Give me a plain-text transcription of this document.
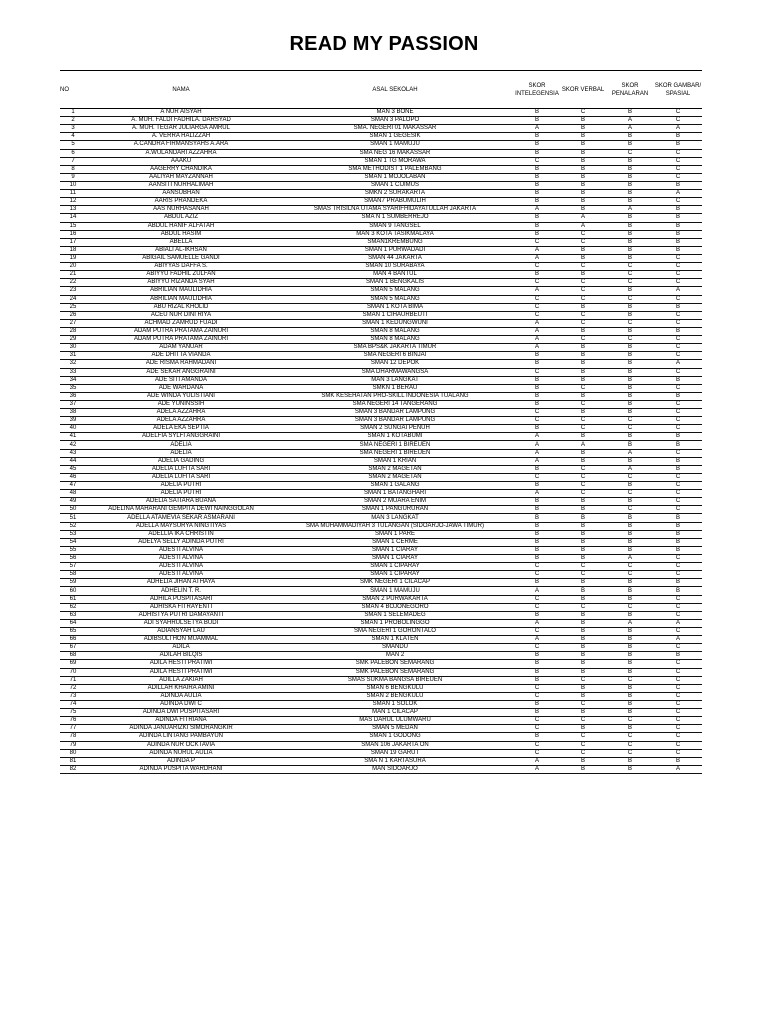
READ MY PASSION
NO	NAMA	ASAL SEKOLAH	SKOR INTELEGENSIA	SKOR VERBAL	SKOR PENALARAN	SKOR GAMBAR/ SPASIAL
1	A NUR AISYAH	MAN 3 BONE	B	C	B	C
2	A. MUH. FALDI FADHILA. DARSYAD	SMAN 3 PALOPO	B	B	A	C
3	A. MUH. TEGAR JULIARGA AMRUL	SMA. NEGERI 01 MAKASSAR	A	B	A	A
4	A. VERRA HALIZZAH	SMAN 1 GEGESIK	B	B	B	B
5	A.CANDRA FIRMANSYAHS A.ARA	SMAN 1 MAMUJU	B	B	B	B
6	A.WULANDARI AZZAHRA	SMA NEG 16 MAKASSAR	B	B	C	C
7	AAAKU	SMAN 1 TG MORAWA	C	B	B	C
8	AAGERRY CHANDIKA	SMA METHODIST 1 PALEMBANG	B	B	B	C
9	AALIYAH MAYZANNAH	SMAN 1 MOJOLABAN	B	B	B	C
10	AANSITI NURHALIMAH	SMAN 1 CIJIMUS	B	B	B	B
11	AANSUBHAN	SMKN 2 SURAKARTA	B	B	B	A
12	AARIS PRANDEKA	SMAN7 PRABUMULIH	B	B	B	C
13	AAS NURHASANAH	SMAS TRISILNA UTAMA SYARIFHIDAYATULLAH JAKARTA	A	B	A	B
14	ABDUL AZIZ	SMA N 1 SUMBERREJO	B	A	B	B
15	ABDUL HANIF ALFATAH	SMAN 9 TANGSEL	B	A	B	B
16	ABDUL HASIM	MAN 3 KOTA TASIKMALAYA	B	C	B	B
17	ABELLA	SMAN1KREMBUNG	C	C	B	B
18	ABIALI AL-IKHSAN	SMAN 1 PURWADADI	A	B	B	B
19	ABIGAIL SAMUELLE GANDI	SMAN 44 JAKARTA	A	B	B	C
20	ABIYYAS DAFFA S.	SMAN 10 SURABAYA	C	C	C	C
21	ABIYYU FADHIL ZULFAN	MAN 4 BANTUL	B	B	C	C
22	ABIYYU RIZANDA SYAH	SMAN 1 BENGKALIS	C	C	C	C
23	ABRILIAN MAULIDHIA	SMAN 5 MALANG	A	C	B	A
24	ABRILIAN MAULIDHIA	SMAN 5 MALANG	C	C	C	C
25	ABU RIZAL KHOLID	SMAN 1 KOTA BIMA	C	B	B	B
26	ACEU NUR DINI RIYA	SMAN 1 CIHAURBEUTI	C	C	B	C
27	ACHMAD ZAMRUD FUADI	SMAN 1 KEDUNGWUNI	A	C	C	C
28	ADAM PUTRA PRATAMA ZAINURI	SMAN 8 MALANG	A	B	B	B
29	ADAM PUTRA PRATAMA ZAINURI	SMAN 8 MALANG	A	C	C	C
30	ADAM YANUAR	SMA BPS&K JAKARTA TIMUR	A	B	B	C
31	ADE DHITTA VIANDA	SMA NEGERI 6 BINJAI	B	B	B	C
32	ADE RISMA RAHMADANI	SMAN 12 DEPOK	B	B	B	A
33	ADE SEKAR ANGGRAINI	SMA DHARMAWANGSA	C	B	B	C
34	ADE SITI AMANDA	MAN 3 LANGKAT	B	B	B	B
35	ADE WARDANA	SMKN 1 BERAU	B	C	B	C
36	ADE WINDA YULISTIANI	SMK KESEHATAN PRO-SKILL INDONESIA TUALANG	B	B	B	B
37	ADE YUNINSSIH	SMA NEGERI 14 TANGERANG	B	C	B	C
38	ADELA AZZAHRA	SMAN 3 BANDAR LAMPUNG	C	B	B	C
39	ADELA AZZAHRA	SMAN 3 BANDAR LAMPUNG	C	C	C	C
40	ADELA EKA SEPTIA	SMAN 2 SUNGAI PENUH	B	C	C	C
41	ADELFIA SYLFI ANGGRAINI	SMAN 1 KOTABUMI	A	B	B	B
42	ADELIA	SMA NEGERI 1 BIREUEN	A	A	B	B
43	ADELIA	SMA NEGERI 1 BIREUEN	A	B	A	C
44	ADELIA GADING	SMAN 1 KRIAN	A	B	B	B
45	ADELIA LUFITA SARI	SMAN 2 MAGETAN	B	C	A	B
46	ADELIA LUFITA SARI	SMAN 2 MAGETAN	C	C	C	C
47	ADELIA PUTRI	SMAN 1 GALANG	B	C	B	C
48	ADELIA PUTRI	SMAN 1 BATANGHARI	A	C	C	C
49	ADELIA SATIARA BUANA	SMAN 2 MUARA ENIM	B	B	B	C
50	ADELINA MAHARANI GEMPITA DEWI NAINGGOLAN	SMAN 1 PANGURURAN	B	B	C	C
51	ADELLA ATAMEVIA SEKAR ASMARANI	MAN 3 LANGKAT	B	B	B	B
52	ADELLA MAYSURYA NINGTIYAS	SMA MUHAMMADIYAH 3 TULANGAN (SIDOARJO-JAWA TIMUR)	B	B	B	B
53	ADELLIA IKA CHRISTIN	SMAN 1 PARE	B	B	B	B
54	ADELYA SELLY ADINDA PUTRI	SMAN 1 CERME	B	B	B	B
55	ADESTI ALVINA	SMAN 1 CIARAY	B	B	B	B
56	ADESTI ALVINA	SMAN 1 CIARAY	B	B	A	C
57	ADESTI ALVINA	SMAN 1 CIPARAY	C	C	C	C
58	ADESTI ALVINA	SMAN 1 CIPARAY	C	C	C	C
59	ADHELIA JIHAN ATHAYA	SMK NEGERI 1 CILACAP	B	B	B	B
60	ADHELIN T. R.	SMAN 1 MAMUJU	A	B	B	B
61	ADHILA PUSPITASARI	SMAN 2 PURWAKARTA	C	B	B	C
62	ADHISKA FITRAYENTI	SMAN 4 BOJONEGORO	C	C	C	C
63	ADHISTYA PUTRI DAMAYANTI	SMAN 1 SELEMADEG	B	B	B	C
64	ADI SYAHRULSETYA BUDI	SMAN 1 PROBOLINGGO	A	B	A	A
65	ADIANSYAH LAU	SMA NEGERI 1 GORONTALO	C	B	B	C
66	ADIBSULTHON MUAMMAL	SMAN 1 KLATEN	A	B	B	A
67	ADILA	SMANDU	C	B	B	C
68	ADILAH BILQIS	MAN 2	B	B	B	B
69	ADILA HESTI PRATIWI	SMK PALEBON SEMARANG	B	B	B	C
70	ADILA HESTI PRATIWI	SMK PALEBON SEMARANG	B	B	B	C
71	ADILLA ZAKIAH	SMAS SUKMA BANGSA BIREUEN	B	C	C	C
72	ADILLAH KHAIRA AMINI	SMAN 6 BENGKULU	C	B	B	C
73	ADINDA AULIA	SMAN 2 BENGKULU	C	B	B	C
74	ADINDA DWI C	SMAN 1 SOLOK	B	C	B	C
75	ADINDA DWI PUSPITASARI	MAN 1 CILACAP	B	B	B	C
76	ADINDA FITRIANA	MAS DARUL ULUMWARU	C	C	C	C
77	ADINDA JANUARIZKI SIMORANGKIR	SMAN 5 MEDAN	C	B	B	C
78	ADINDA LINTANG PAMBAYUN	SMAN 1 GODONG	B	C	C	C
79	ADINDA NUR OCKTAVIA	SMAN 106 JAKARTA ON	C	C	C	C
80	ADINDA NURUL AULIA	SMAN 19 GARUT	C	C	C	C
81	ADINDA P	SMA N 1 KARTASURA	A	B	B	B
82	ADINDA PUSPITA WARDHANI	MAN SIDOARJO	A	B	B	A
